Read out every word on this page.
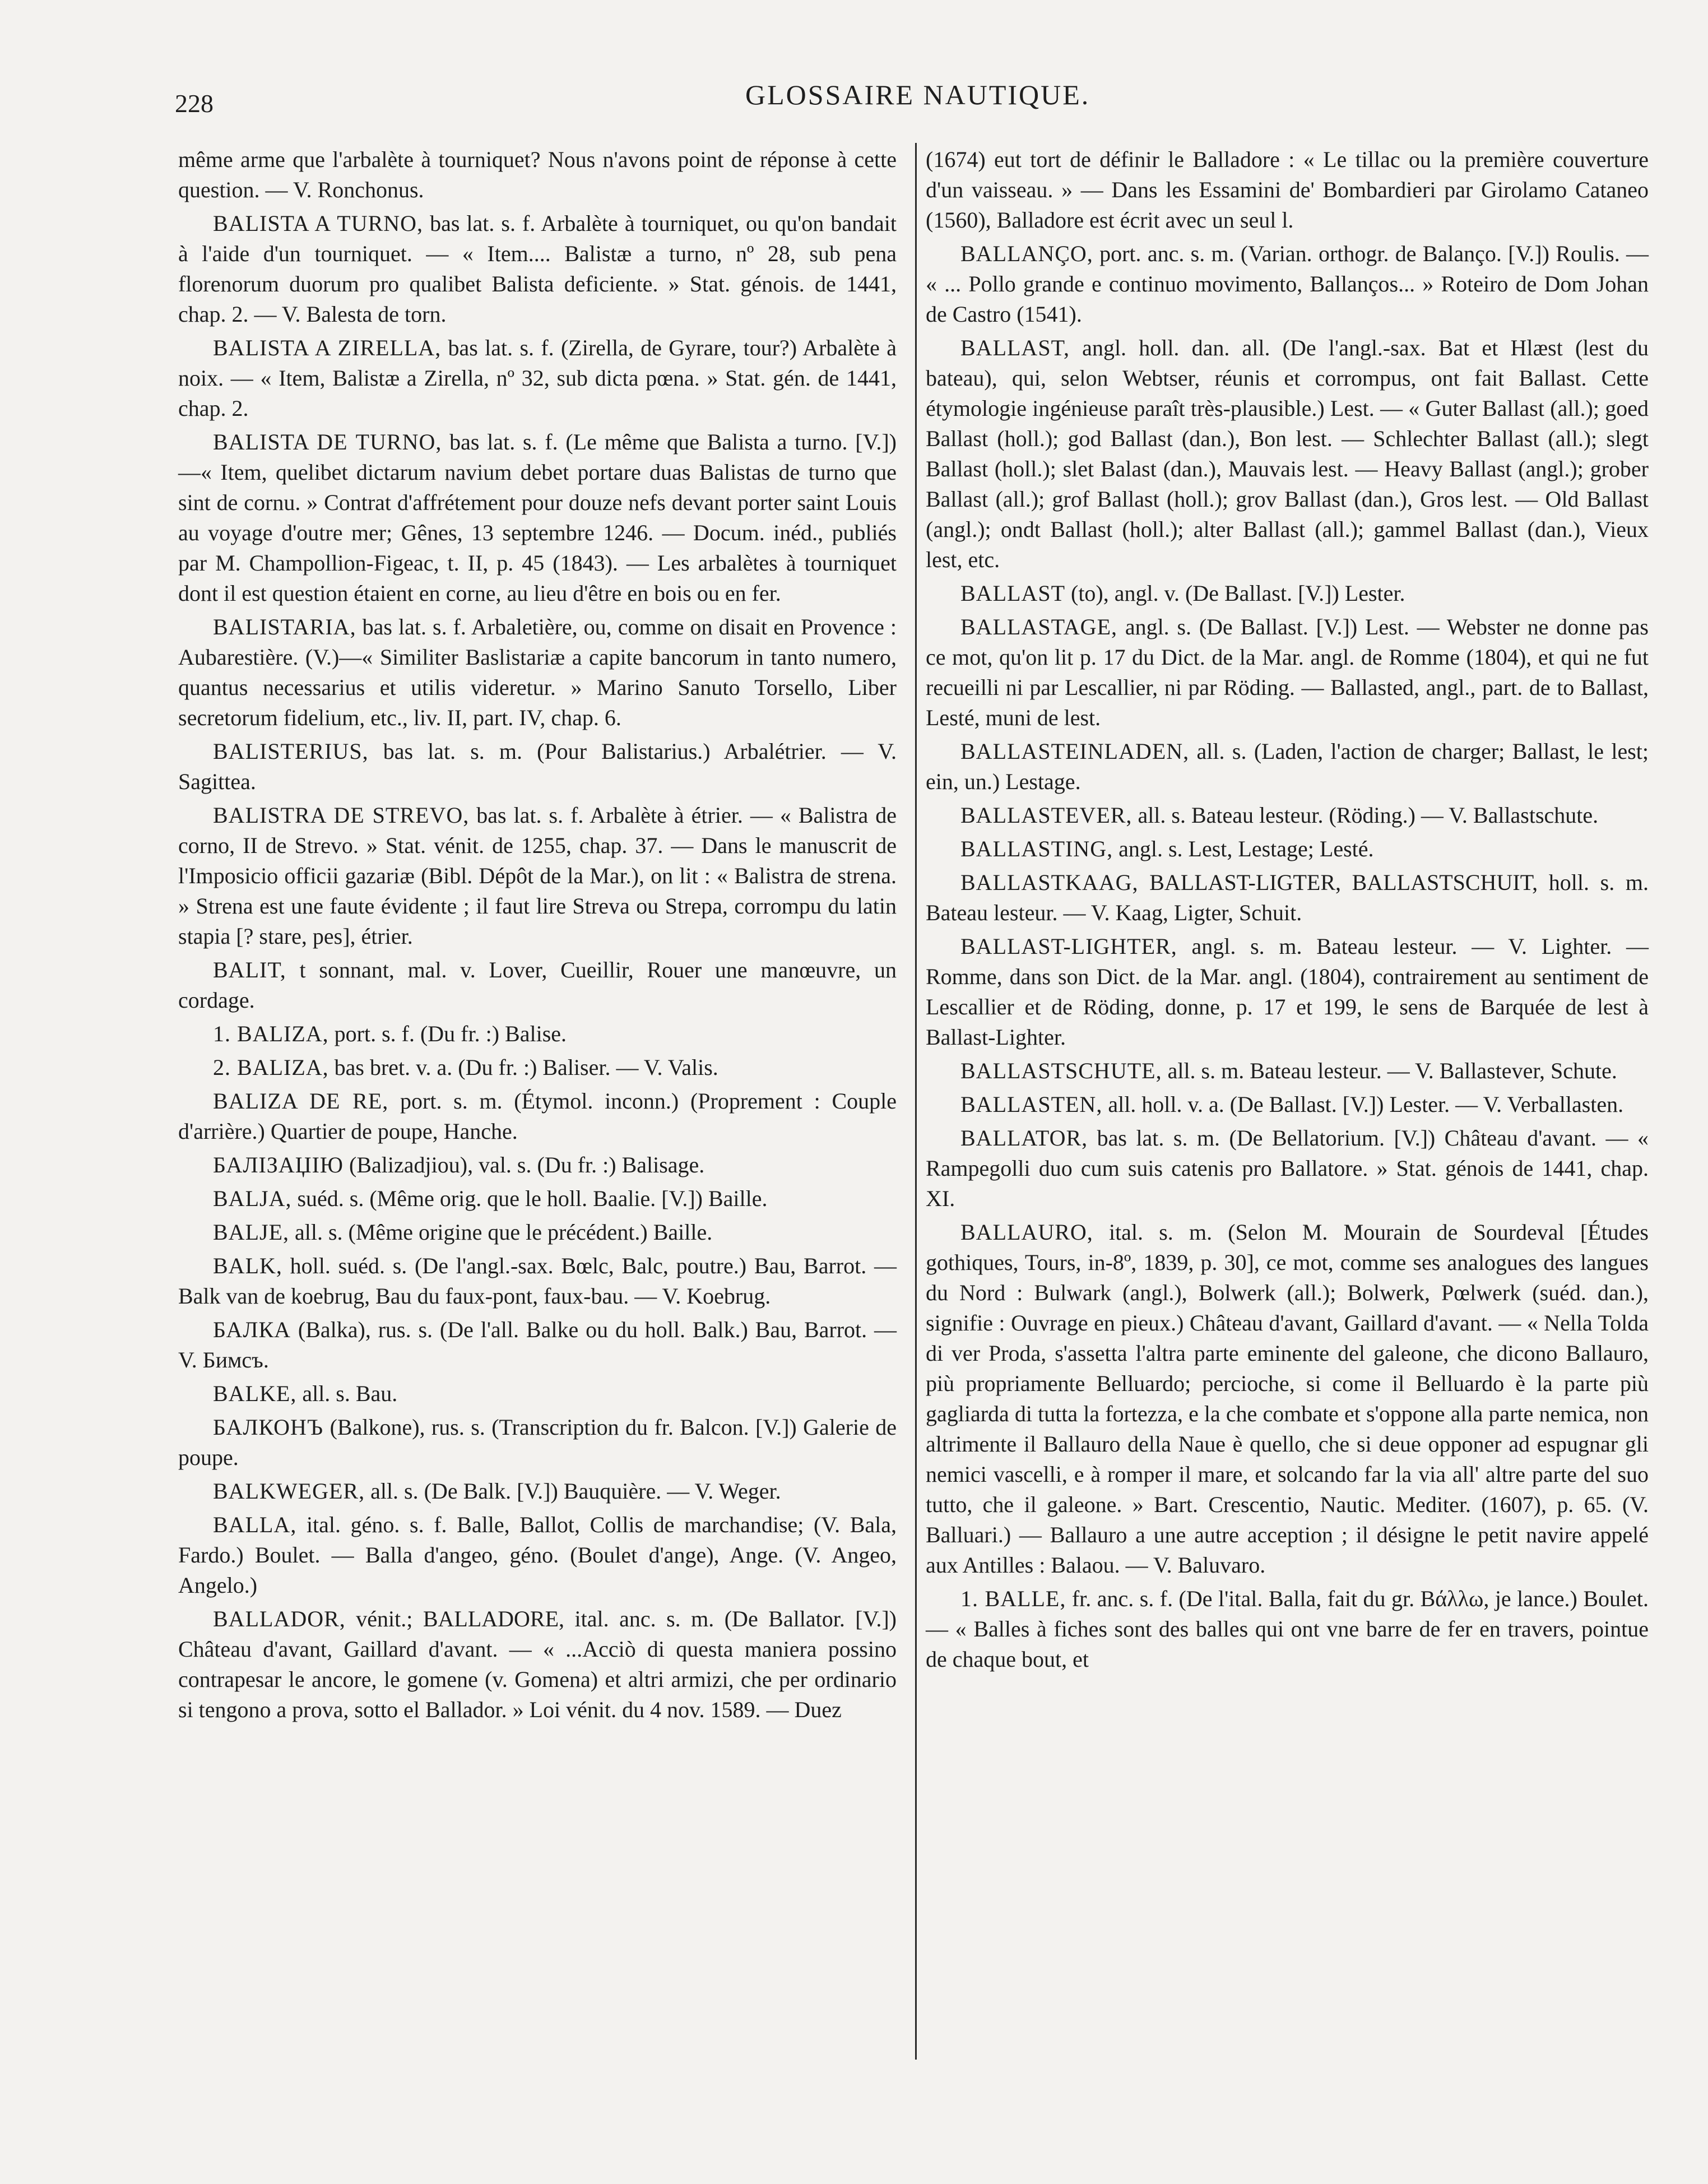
228	GLOSSAIRE NAUTIQUE.

même arme que l'arbalète à tourniquet? Nous n'avons point de réponse à cette question. — V. Ronchonus.

BALISTA A TURNO, bas lat. s. f. Arbalète à tourniquet, ou qu'on bandait à l'aide d'un tourniquet. — « Item.... Balistæ a turno, nº 28, sub pena florenorum duorum pro qualibet Balista deficiente. » Stat. génois. de 1441, chap. 2. — V. Balesta de torn.

BALISTA A ZIRELLA, bas lat. s. f. (Zirella, de Gyrare, tour?) Arbalète à noix. — « Item, Balistæ a Zirella, nº 32, sub dicta pœna. » Stat. gén. de 1441, chap. 2.

BALISTA DE TURNO, bas lat. s. f. (Le même que Balista a turno. [V.])—« Item, quelibet dictarum navium debet portare duas Balistas de turno que sint de cornu. » Contrat d'affrétement pour douze nefs devant porter saint Louis au voyage d'outre mer; Gênes, 13 septembre 1246. — Docum. inéd., publiés par M. Champollion-Figeac, t. II, p. 45 (1843). — Les arbalètes à tourniquet dont il est question étaient en corne, au lieu d'être en bois ou en fer.

BALISTARIA, bas lat. s. f. Arbaletière, ou, comme on disait en Provence : Aubarestière. (V.)—« Similiter Baslistariæ a capite bancorum in tanto numero, quantus necessarius et utilis videretur. » Marino Sanuto Torsello, Liber secretorum fidelium, etc., liv. II, part. IV, chap. 6.

BALISTERIUS, bas lat. s. m. (Pour Balistarius.) Arbalétrier. — V. Sagittea.

BALISTRA DE STREVO, bas lat. s. f. Arbalète à étrier. — « Balistra de corno, II de Strevo. » Stat. vénit. de 1255, chap. 37. — Dans le manuscrit de l'Imposicio officii gazariæ (Bibl. Dépôt de la Mar.), on lit : « Balistra de strena. » Strena est une faute évidente ; il faut lire Streva ou Strepa, corrompu du latin stapia [? stare, pes], étrier.

BALIT, t sonnant, mal. v. Lover, Cueillir, Rouer une manœuvre, un cordage.

1. BALIZA, port. s. f. (Du fr. :) Balise.

2. BALIZA, bas bret. v. a. (Du fr. :) Baliser. — V. Valis.

BALIZA DE RE, port. s. m. (Étymol. inconn.) (Proprement : Couple d'arrière.) Quartier de poupe, Hanche.

БАЛІЗАЏІЮ (Balizadjiou), val. s. (Du fr. :) Balisage.

BALJA, suéd. s. (Même orig. que le holl. Baalie. [V.]) Baille.

BALJE, all. s. (Même origine que le précédent.) Baille.

BALK, holl. suéd. s. (De l'angl.-sax. Bœlc, Balc, poutre.) Bau, Barrot. — Balk van de koebrug, Bau du faux-pont, faux-bau. — V. Koebrug.

БАЛКА (Balka), rus. s. (De l'all. Balke ou du holl. Balk.) Bau, Barrot. — V. Бимсъ.

BALKE, all. s. Bau.

БАЛКОНЪ (Balkone), rus. s. (Transcription du fr. Balcon. [V.]) Galerie de poupe.

BALKWEGER, all. s. (De Balk. [V.]) Bauquière. — V. Weger.

BALLA, ital. géno. s. f. Balle, Ballot, Collis de marchandise; (V. Bala, Fardo.) Boulet. — Balla d'angeo, géno. (Boulet d'ange), Ange. (V. Angeo, Angelo.)

BALLADOR, vénit.; BALLADORE, ital. anc. s. m. (De Ballator. [V.]) Château d'avant, Gaillard d'avant. — « ...Acciò di questa maniera possino contrapesar le ancore, le gomene (v. Gomena) et altri armizi, che per ordinario si tengono a prova, sotto el Ballador. » Loi vénit. du 4 nov. 1589. — Duez

(1674) eut tort de définir le Balladore : « Le tillac ou la première couverture d'un vaisseau. » — Dans les Essamini de' Bombardieri par Girolamo Cataneo (1560), Balladore est écrit avec un seul l.

BALLANÇO, port. anc. s. m. (Varian. orthogr. de Balanço. [V.]) Roulis. — « ... Pollo grande e continuo movimento, Ballanços... » Roteiro de Dom Johan de Castro (1541).

BALLAST, angl. holl. dan. all. (De l'angl.-sax. Bat et Hlæst (lest du bateau), qui, selon Webtser, réunis et corrompus, ont fait Ballast. Cette étymologie ingénieuse paraît très-plausible.) Lest. — « Guter Ballast (all.); goed Ballast (holl.); god Ballast (dan.), Bon lest. — Schlechter Ballast (all.); slegt Ballast (holl.); slet Balast (dan.), Mauvais lest. — Heavy Ballast (angl.); grober Ballast (all.); grof Ballast (holl.); grov Ballast (dan.), Gros lest. — Old Ballast (angl.); ondt Ballast (holl.); alter Ballast (all.); gammel Ballast (dan.), Vieux lest, etc.

BALLAST (to), angl. v. (De Ballast. [V.]) Lester.

BALLASTAGE, angl. s. (De Ballast. [V.]) Lest. — Webster ne donne pas ce mot, qu'on lit p. 17 du Dict. de la Mar. angl. de Romme (1804), et qui ne fut recueilli ni par Lescallier, ni par Röding. — Ballasted, angl., part. de to Ballast, Lesté, muni de lest.

BALLASTEINLADEN, all. s. (Laden, l'action de charger; Ballast, le lest; ein, un.) Lestage.

BALLASTEVER, all. s. Bateau lesteur. (Röding.) — V. Ballastschute.

BALLASTING, angl. s. Lest, Lestage; Lesté.

BALLASTKAAG, BALLAST-LIGTER, BALLASTSCHUIT, holl. s. m. Bateau lesteur. — V. Kaag, Ligter, Schuit.

BALLAST-LIGHTER, angl. s. m. Bateau lesteur. — V. Lighter. — Romme, dans son Dict. de la Mar. angl. (1804), contrairement au sentiment de Lescallier et de Röding, donne, p. 17 et 199, le sens de Barquée de lest à Ballast-Lighter.

BALLASTSCHUTE, all. s. m. Bateau lesteur. — V. Ballastever, Schute.

BALLASTEN, all. holl. v. a. (De Ballast. [V.]) Lester. — V. Verballasten.

BALLATOR, bas lat. s. m. (De Bellatorium. [V.]) Château d'avant. — « Rampegolli duo cum suis catenis pro Ballatore. » Stat. génois de 1441, chap. XI.

BALLAURO, ital. s. m. (Selon M. Mourain de Sourdeval [Études gothiques, Tours, in-8º, 1839, p. 30], ce mot, comme ses analogues des langues du Nord : Bulwark (angl.), Bolwerk (all.); Bolwerk, Pœlwerk (suéd. dan.), signifie : Ouvrage en pieux.) Château d'avant, Gaillard d'avant. — « Nella Tolda di ver Proda, s'assetta l'altra parte eminente del galeone, che dicono Ballauro, più propriamente Belluardo; percioche, si come il Belluardo è la parte più gagliarda di tutta la fortezza, e la che combate et s'oppone alla parte nemica, non altrimente il Ballauro della Naue è quello, che si deue opponer ad espugnar gli nemici vascelli, e à romper il mare, et solcando far la via all' altre parte del suo tutto, che il galeone. » Bart. Crescentio, Nautic. Mediter. (1607), p. 65. (V. Balluari.) — Ballauro a une autre acception ; il désigne le petit navire appelé aux Antilles : Balaou. — V. Baluvaro.

1. BALLE, fr. anc. s. f. (De l'ital. Balla, fait du gr. Βάλλω, je lance.) Boulet. — « Balles à fiches sont des balles qui ont vne barre de fer en travers, pointue de chaque bout, et
